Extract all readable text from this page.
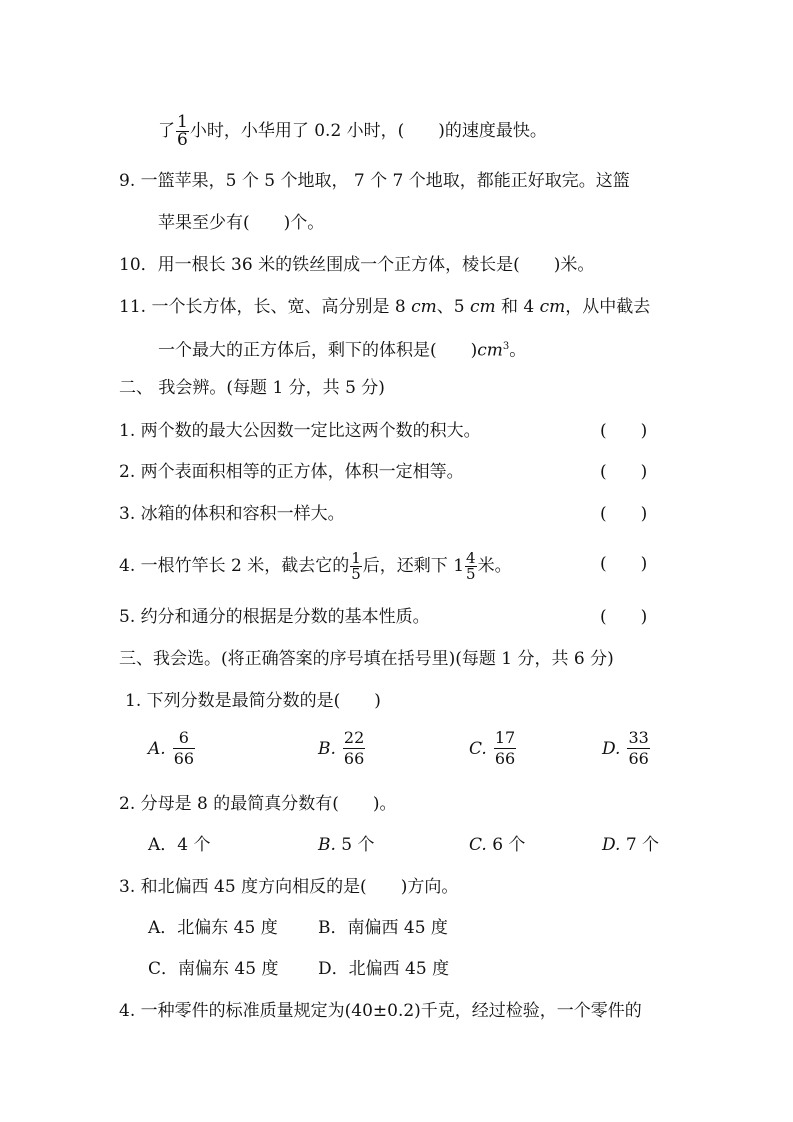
了 $\frac{1}{6}$ 小时，小华用了 0.2 小时，(　　)的速度最快。
9. 一篮苹果，5 个 5 个地取， 7 个 7 个地取，都能正好取完。这篮
苹果至少有(　　)个。
10．用一根长 36 米的铁丝围成一个正方体，棱长是(　　)米。
11. 一个长方体，长、宽、高分别是 8 cm、5 cm 和 4 cm，从中截去
一个最大的正方体后，剩下的体积是(　　)$cm^3$。
二、 我会辨。(每题 1 分，共 5 分)
1. 两个数的最大公因数一定比这两个数的积大。	(　　)
2. 两个表面积相等的正方体，体积一定相等。	(　　)
3. 冰箱的体积和容积一样大。	(　　)
4. 一根竹竿长 2 米，截去它的 $\frac{1}{5}$ 后，还剩下 $1 \frac{4}{5}$ 米。	(　　)
5. 约分和通分的根据是分数的基本性质。	(　　)
三、我会选。(将正确答案的序号填在括号里)(每题 1 分，共 6 分)
1. 下列分数是最简分数的是(　　)
A. $\frac{6}{66}$	B. $\frac{22}{66}$	C. $\frac{17}{66}$	D. $\frac{33}{66}$
2. 分母是 8 的最简真分数有(　　)。
A．4 个	B. 5 个	C. 6 个	D. 7 个
3. 和北偏西 45 度方向相反的是(　　)方向。
A．北偏东 45 度 B．南偏西 45 度
C．南偏东 45 度 D．北偏西 45 度
4. 一种零件的标准质量规定为(40±0.2)千克，经过检验，一个零件的
